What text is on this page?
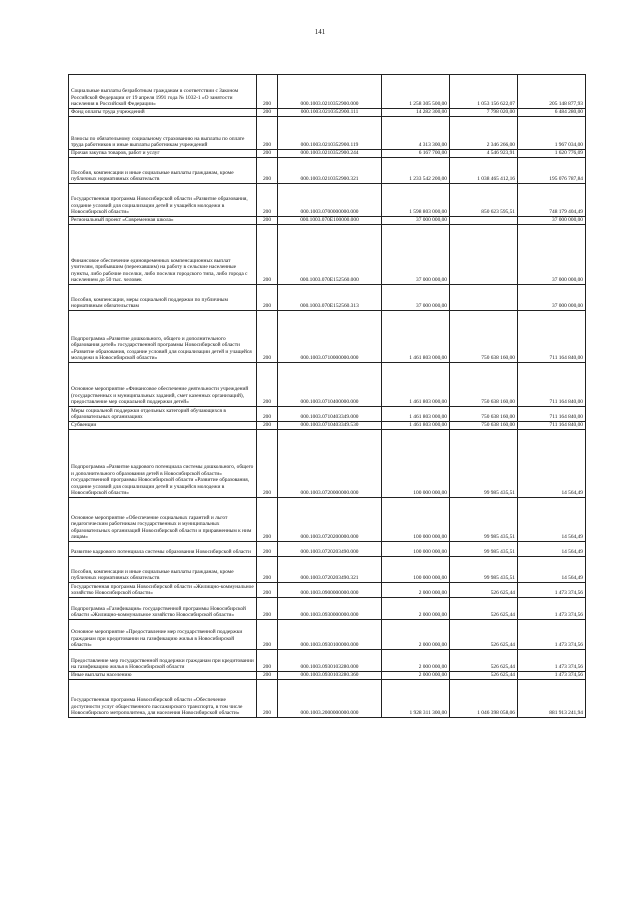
141
Социальные выплаты безработным гражданам в соответствии с Законом Российской Федерации от 19 апреля 1991 года № 1032-1 «О занятости населения в Российской Федерации»	200	000.1003.0210352900.000	1 258 305 500,00	1 053 156 622,07	205 148 877,93
Фонд оплаты труда учреждений	200	000.1003.0210352900.111	14 282 300,00	7 798 020,00	6 484 280,00
Взносы по обязательному социальному страхованию на выплаты по оплате труда работников и иные выплаты работникам учреждений	200	000.1003.0210352900.119	4 313 300,00	2 346 266,00	1 967 034,00
Прочая закупка товаров, работ и услуг	200	000.1003.0210352900.244	6 167 700,00	4 546 923,91	1 620 776,09
Пособия, компенсации и иные социальные выплаты гражданам, кроме публичных нормативных обязательств	200	000.1003.0210352900.321	1 233 542 200,00	1 038 465 412,16	195 076 787,84
Государственная программа Новосибирской области «Развитие образования, создание условий для социализации детей и учащейся молодежи в Новосибирской области»	200	000.1003.0700000000.000	1 598 803 000,00	850 623 595,51	748 179 404,49
Региональный проект «Современная школа»	200	000.1003.070E100000.000	37 000 000,00		37 000 000,00
Финансовое обеспечение единовременных компенсационных выплат учителям, прибывшим (переехавшим) на работу в сельские населенные пункты, либо рабочие поселки, либо поселки городского типа, либо города с населением до 50 тыс. человек	200	000.1003.070E152560.000	37 000 000,00		37 000 000,00
Пособия, компенсации, меры социальной поддержки по публичным нормативным обязательствам	200	000.1003.070E152560.313	37 000 000,00		37 000 000,00
Подпрограмма «Развитие дошкольного, общего и дополнительного образования детей» государственной программы Новосибирской области «Развитие образования, создание условий для социализации детей и учащейся молодежи в Новосибирской области»	200	000.1003.0710000000.000	1 461 803 000,00	750 638 160,00	711 164 840,00
Основное мероприятие «Финансовое обеспечение деятельности учреждений (государственных и муниципальных заданий, смет казенных организаций), предоставление мер социальной поддержки детей»	200	000.1003.0710400000.000	1 461 803 000,00	750 638 160,00	711 164 840,00
Меры социальной поддержки отдельных категорий обучающихся в образовательных организациях	200	000.1003.0710403349.000	1 461 803 000,00	750 638 160,00	711 164 840,00
Субвенции	200	000.1003.0710403349.530	1 461 803 000,00	750 638 160,00	711 164 840,00
Подпрограмма «Развитие кадрового потенциала системы дошкольного, общего и дополнительного образования детей в Новосибирской области» государственной программы Новосибирской области «Развитие образования, создание условий для социализации детей и учащейся молодежи в Новосибирской области»	200	000.1003.0720000000.000	100 000 000,00	99 985 435,51	14 564,49
Основное мероприятие «Обеспечение социальных гарантий и льгот педагогическим работникам государственных и муниципальных образовательных организаций Новосибирской области и приравненным к ним лицам»	200	000.1003.0720200000.000	100 000 000,00	99 985 435,51	14 564,49
Развитие кадрового потенциала системы образования Новосибирской области	200	000.1003.0720203490.000	100 000 000,00	99 985 435,51	14 564,49
Пособия, компенсации и иные социальные выплаты гражданам, кроме публичных нормативных обязательств	200	000.1003.0720203490.321	100 000 000,00	99 985 435,51	14 564,49
Государственная программа Новосибирской области «Жилищно-коммунальное хозяйство Новосибирской области»	200	000.1003.0900000000.000	2 000 000,00	526 625,44	1 473 374,56
Подпрограмма «Газификация» государственной программы Новосибирской области «Жилищно-коммунальное хозяйство Новосибирской области»	200	000.1003.0930000000.000	2 000 000,00	526 625,44	1 473 374,56
Основное мероприятие «Предоставление мер государственной поддержки гражданам при кредитовании на газификацию жилья в Новосибирской области»	200	000.1003.0930100000.000	2 000 000,00	526 625,44	1 473 374,56
Предоставление мер государственной поддержки гражданам при кредитовании на газификацию жилья в Новосибирской области	200	000.1003.0930103280.000	2 000 000,00	526 625,44	1 473 374,56
Иные выплаты населению	200	000.1003.0930103280.360	2 000 000,00	526 625,44	1 473 374,56
Государственная программа Новосибирской области «Обеспечение доступности услуг общественного пассажирского транспорта, в том числе Новосибирского метрополитена, для населения Новосибирской области»	200	000.1003.2000000000.000	1 928 311 300,00	1 046 398 058,06	881 913 241,94
